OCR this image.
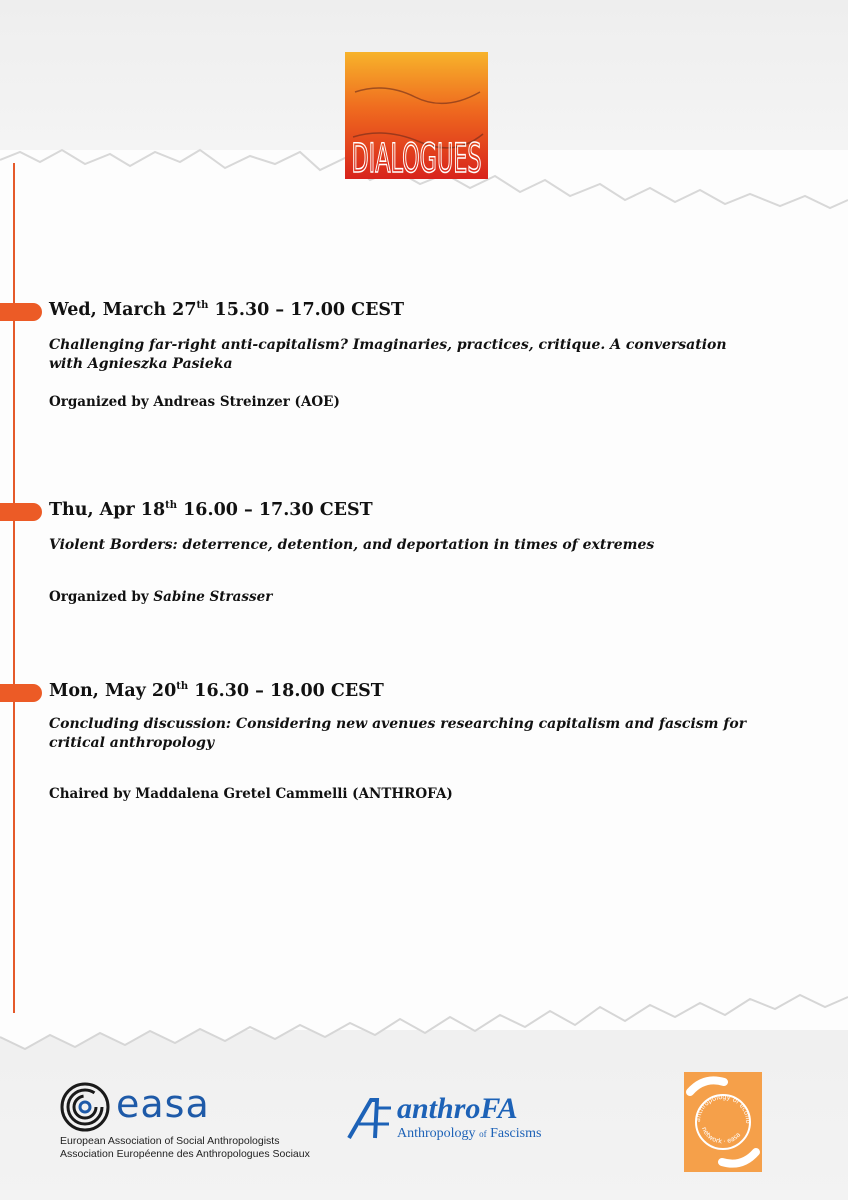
DIALOGUES

Wed, March 27th 15.30 – 17.00 CEST

Challenging far-right anti-capitalism? Imaginaries, practices, critique. A conversation
with Agnieszka Pasieka

Organized by Andreas Streinzer (AOE)

Thu, Apr 18th 16.00 – 17.30 CEST

Violent Borders: deterrence, detention, and deportation in times of extremes

Organized by Sabine Strasser

Mon, May 20th 16.30 – 18.00 CEST

Concluding discussion: Considering new avenues researching capitalism and fascism for
critical anthropology

Chaired by Maddalena Gretel Cammelli (ANTHROFA)

easa
European Association of Social Anthropologists
Association Européenne des Anthropologues Sociaux
anthroFA
Anthropology of Fascisms
anthropology of econo
network · easa
